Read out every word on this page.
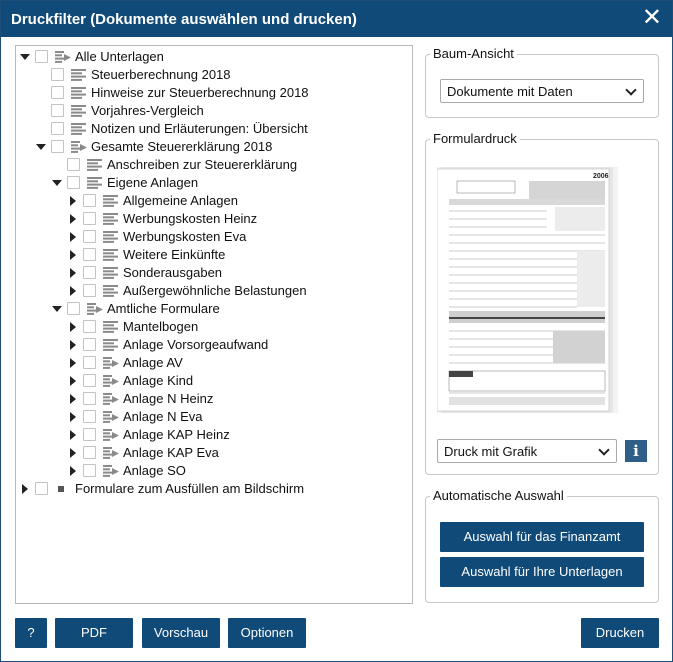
Druckfilter (Dokumente auswählen und drucken)	✕
Alle Unterlagen
Steuerberechnung 2018
Hinweise zur Steuerberechnung 2018
Vorjahres-Vergleich
Notizen und Erläuterungen: Übersicht
Gesamte Steuererklärung 2018
Anschreiben zur Steuererklärung
Eigene Anlagen
Allgemeine Anlagen
Werbungskosten Heinz
Werbungskosten Eva
Weitere Einkünfte
Sonderausgaben
Außergewöhnliche Belastungen
Amtliche Formulare
Mantelbogen
Anlage Vorsorgeaufwand
Anlage AV
Anlage Kind
Anlage N Heinz
Anlage N Eva
Anlage KAP Heinz
Anlage KAP Eva
Anlage SO
Formulare zum Ausfüllen am Bildschirm
Baum-Ansicht
Dokumente mit Daten
Formulardruck
2006
Druck mit Grafik	i
Automatische Auswahl
Auswahl für das Finanzamt
Auswahl für Ihre Unterlagen
?	PDF	Vorschau	Optionen	Drucken
